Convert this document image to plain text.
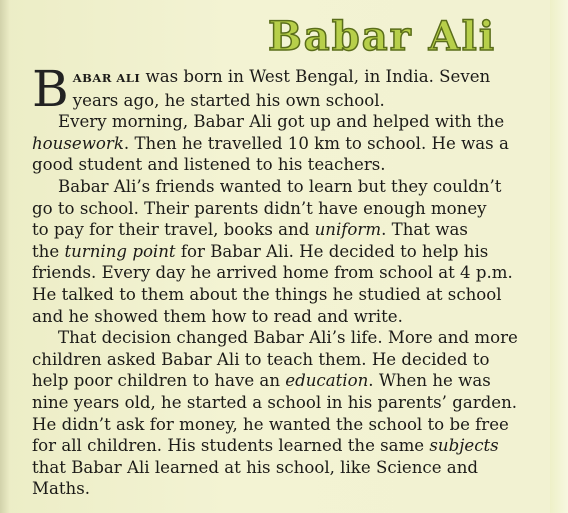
Babar Ali

B ABAR ALI was born in West Bengal, in India. Seven
years ago, he started his own school.

Every morning, Babar Ali got up and helped with the
housework. Then he travelled 10 km to school. He was a
good student and listened to his teachers.

Babar Ali’s friends wanted to learn but they couldn’t
go to school. Their parents didn’t have enough money
to pay for their travel, books and uniform. That was
the turning point for Babar Ali. He decided to help his
friends. Every day he arrived home from school at 4 p.m.
He talked to them about the things he studied at school
and he showed them how to read and write.

That decision changed Babar Ali’s life. More and more
children asked Babar Ali to teach them. He decided to
help poor children to have an education. When he was
nine years old, he started a school in his parents’ garden.
He didn’t ask for money, he wanted the school to be free
for all children. His students learned the same subjects
that Babar Ali learned at his school, like Science and
Maths.
